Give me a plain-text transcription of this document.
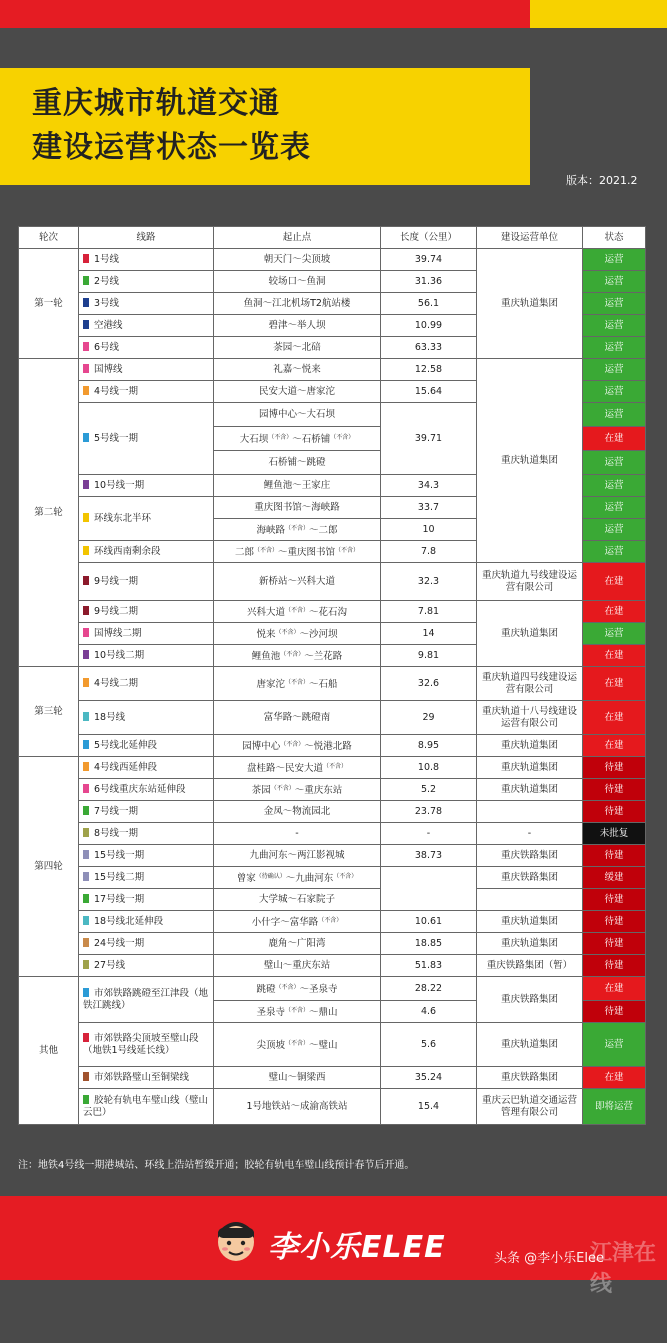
重庆城市轨道交通
建设运营状态一览表
版本：2021.2
轮次	线路	起止点	长度（公里）	建设运营单位	状态
第一轮	1号线	朝天门～尖顶坡	39.74	重庆轨道集团	运营
	2号线	较场口～鱼洞	31.36		运营
	3号线	鱼洞～江北机场T2航站楼	56.1		运营
	空港线	碧津～举人坝	10.99		运营
	6号线	茶园～北碚	63.33		运营
第二轮	国博线	礼嘉～悦来	12.58	重庆轨道集团	运营
	4号线一期	民安大道～唐家沱	15.64		运营
	5号线一期	园博中心～大石坝	39.71		运营
		大石坝$^{(不含)}$～石桥铺$^{(不含)}$			在建
		石桥铺～跳磴			运营
	10号线一期	鲤鱼池～王家庄	34.3		运营
	环线东北半环	重庆图书馆～海峡路	33.7		运营
		海峡路$^{(不含)}$～二郎	10		运营
	环线西南剩余段	二郎$^{(不含)}$～重庆图书馆$^{(不含)}$	7.8		运营
	9号线一期	新桥站～兴科大道	32.3	重庆轨道九号线建设运营有限公司	在建
	9号线二期	兴科大道$^{(不含)}$～花石沟	7.81	重庆轨道集团	在建
	国博线二期	悦来$^{(不含)}$～沙河坝	14		运营
	10号线二期	鲤鱼池$^{(不含)}$～兰花路	9.81		在建
第三轮	4号线二期	唐家沱$^{(不含)}$～石船	32.6	重庆轨道四号线建设运营有限公司	在建
	18号线	富华路～跳磴南	29	重庆轨道十八号线建设运营有限公司	在建
	5号线北延伸段	园博中心$^{(不含)}$～悦港北路	8.95	重庆轨道集团	在建
第四轮	4号线西延伸段	盘桂路～民安大道$^{(不含)}$	10.8	重庆轨道集团	待建
	6号线重庆东站延伸段	茶园$^{(不含)}$～重庆东站	5.2	重庆轨道集团	待建
	7号线一期	金凤～物流园北	23.78		待建
	8号线一期	-	-	-	未批复
	15号线一期	九曲河东～两江影视城	38.73	重庆铁路集团	待建
	15号线二期	曾家$^{(待确认)}$～九曲河东$^{(不含)}$		重庆铁路集团	缓建
	17号线一期	大学城～石家院子			待建
	18号线北延伸段	小什字～富华路$^{(不含)}$	10.61	重庆轨道集团	待建
	24号线一期	鹿角～广阳湾	18.85	重庆轨道集团	待建
	27号线	璧山～重庆东站	51.83	重庆铁路集团（暂）	待建
其他	市郊铁路跳磴至江津段（地铁江跳线）	跳磴$^{(不含)}$～圣泉寺	28.22	重庆铁路集团	在建
		圣泉寺$^{(不含)}$～鼎山	4.6		待建
	市郊铁路尖顶坡至璧山段（地铁1号线延长线）	尖顶坡$^{(不含)}$～璧山	5.6	重庆轨道集团	运营
	市郊铁路璧山至铜梁线	璧山～铜梁西	35.24	重庆铁路集团	在建
	胶轮有轨电车璧山线（璧山云巴）	1号地铁站～成渝高铁站	15.4	重庆云巴轨道交通运营管理有限公司	即将运营
注：地铁4号线一期港城站、环线上浩站暂缓开通；胶轮有轨电车璧山线预计春节后开通。
李小乐ELEE	江津在线
头条 @李小乐Elee
